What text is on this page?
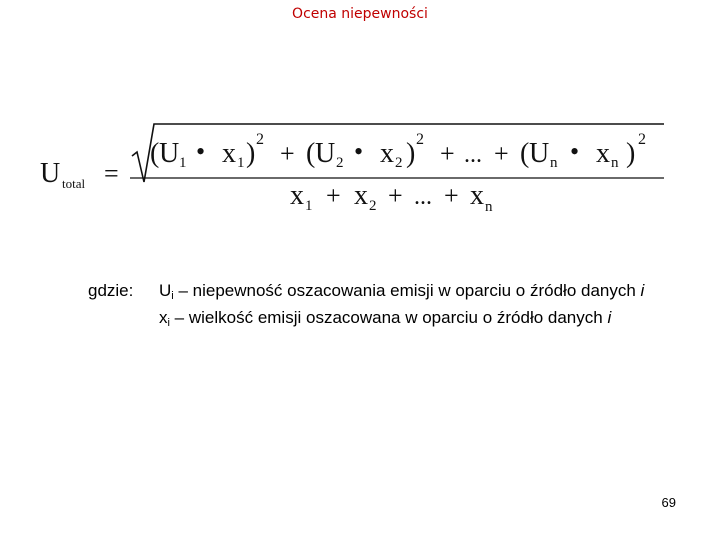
Ocena niepewności
U total =
( U 1 • x 1 ) 2 + ( U 2 • x 2 ) 2 + ... + ( U n • x n ) 2
x 1 + x 2 + ... + x n
gdzie:	Ui – niepewność oszacowania emisji w oparciu o źródło danych i
xi – wielkość emisji oszacowana w oparciu o źródło danych i
69
